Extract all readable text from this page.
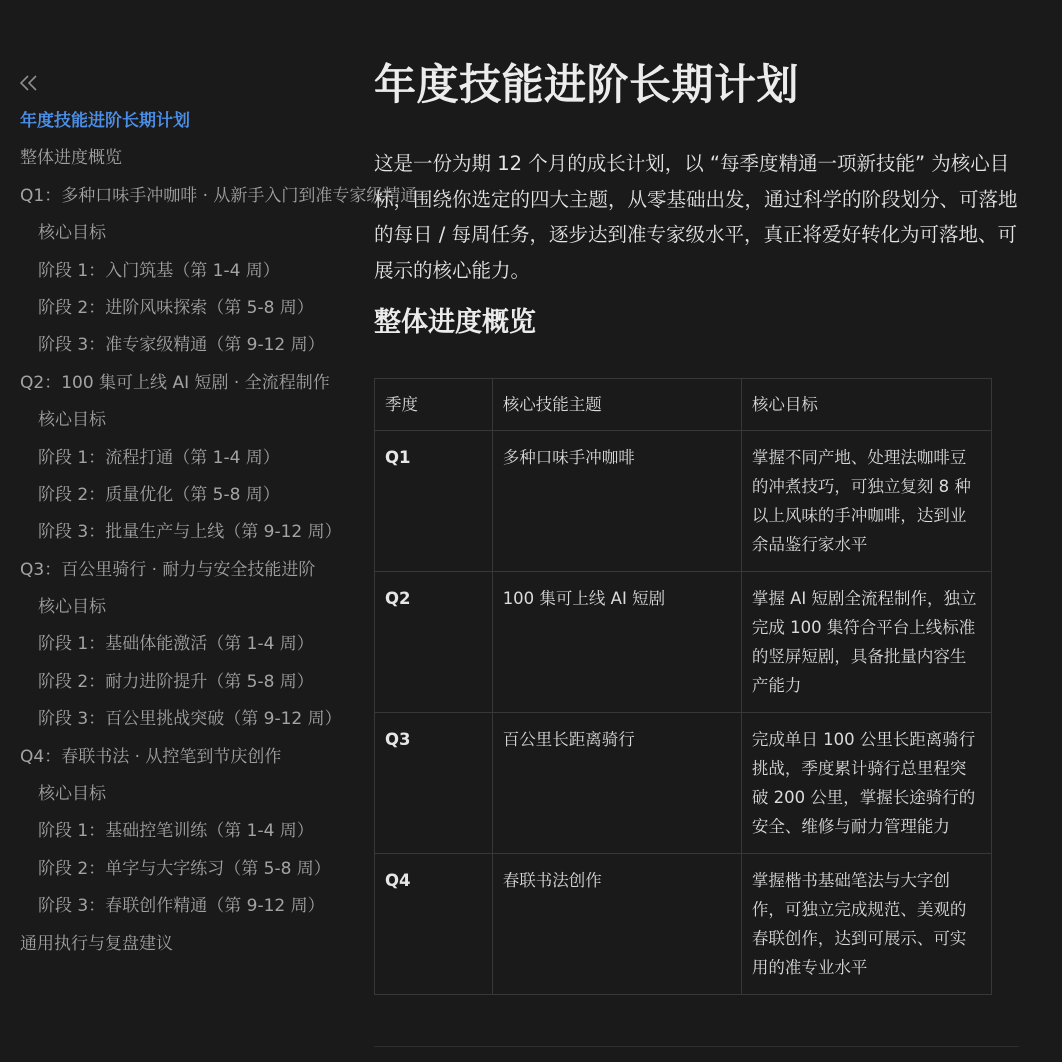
年度技能进阶长期计划
整体进度概览
Q1：多种口味手冲咖啡 · 从新手入门到准专家级精通
核心目标
阶段 1：入门筑基（第 1-4 周）
阶段 2：进阶风味探索（第 5-8 周）
阶段 3：准专家级精通（第 9-12 周）
Q2：100 集可上线 AI 短剧 · 全流程制作
核心目标
阶段 1：流程打通（第 1-4 周）
阶段 2：质量优化（第 5-8 周）
阶段 3：批量生产与上线（第 9-12 周）
Q3：百公里骑行 · 耐力与安全技能进阶
核心目标
阶段 1：基础体能激活（第 1-4 周）
阶段 2：耐力进阶提升（第 5-8 周）
阶段 3：百公里挑战突破（第 9-12 周）
Q4：春联书法 · 从控笔到节庆创作
核心目标
阶段 1：基础控笔训练（第 1-4 周）
阶段 2：单字与大字练习（第 5-8 周）
阶段 3：春联创作精通（第 9-12 周）
通用执行与复盘建议
年度技能进阶长期计划

这是一份为期 12 个月的成长计划，以 “每季度精通一项新技能” 为核心目标，围绕你选定的四大主题，从零基础出发，通过科学的阶段划分、可落地的每日 / 每周任务，逐步达到准专家级水平，真正将爱好转化为可落地、可展示的核心能力。

整体进度概览
季度	核心技能主题	核心目标
Q1	多种口味手冲咖啡	掌握不同产地、处理法咖啡豆的冲煮技巧，可独立复刻 8 种以上风味的手冲咖啡，达到业余品鉴行家水平
Q2	100 集可上线 AI 短剧	掌握 AI 短剧全流程制作，独立完成 100 集符合平台上线标准的竖屏短剧，具备批量内容生产能力
Q3	百公里长距离骑行	完成单日 100 公里长距离骑行挑战，季度累计骑行总里程突破 200 公里，掌握长途骑行的安全、维修与耐力管理能力
Q4	春联书法创作	掌握楷书基础笔法与大字创作，可独立完成规范、美观的春联创作，达到可展示、可实用的准专业水平
